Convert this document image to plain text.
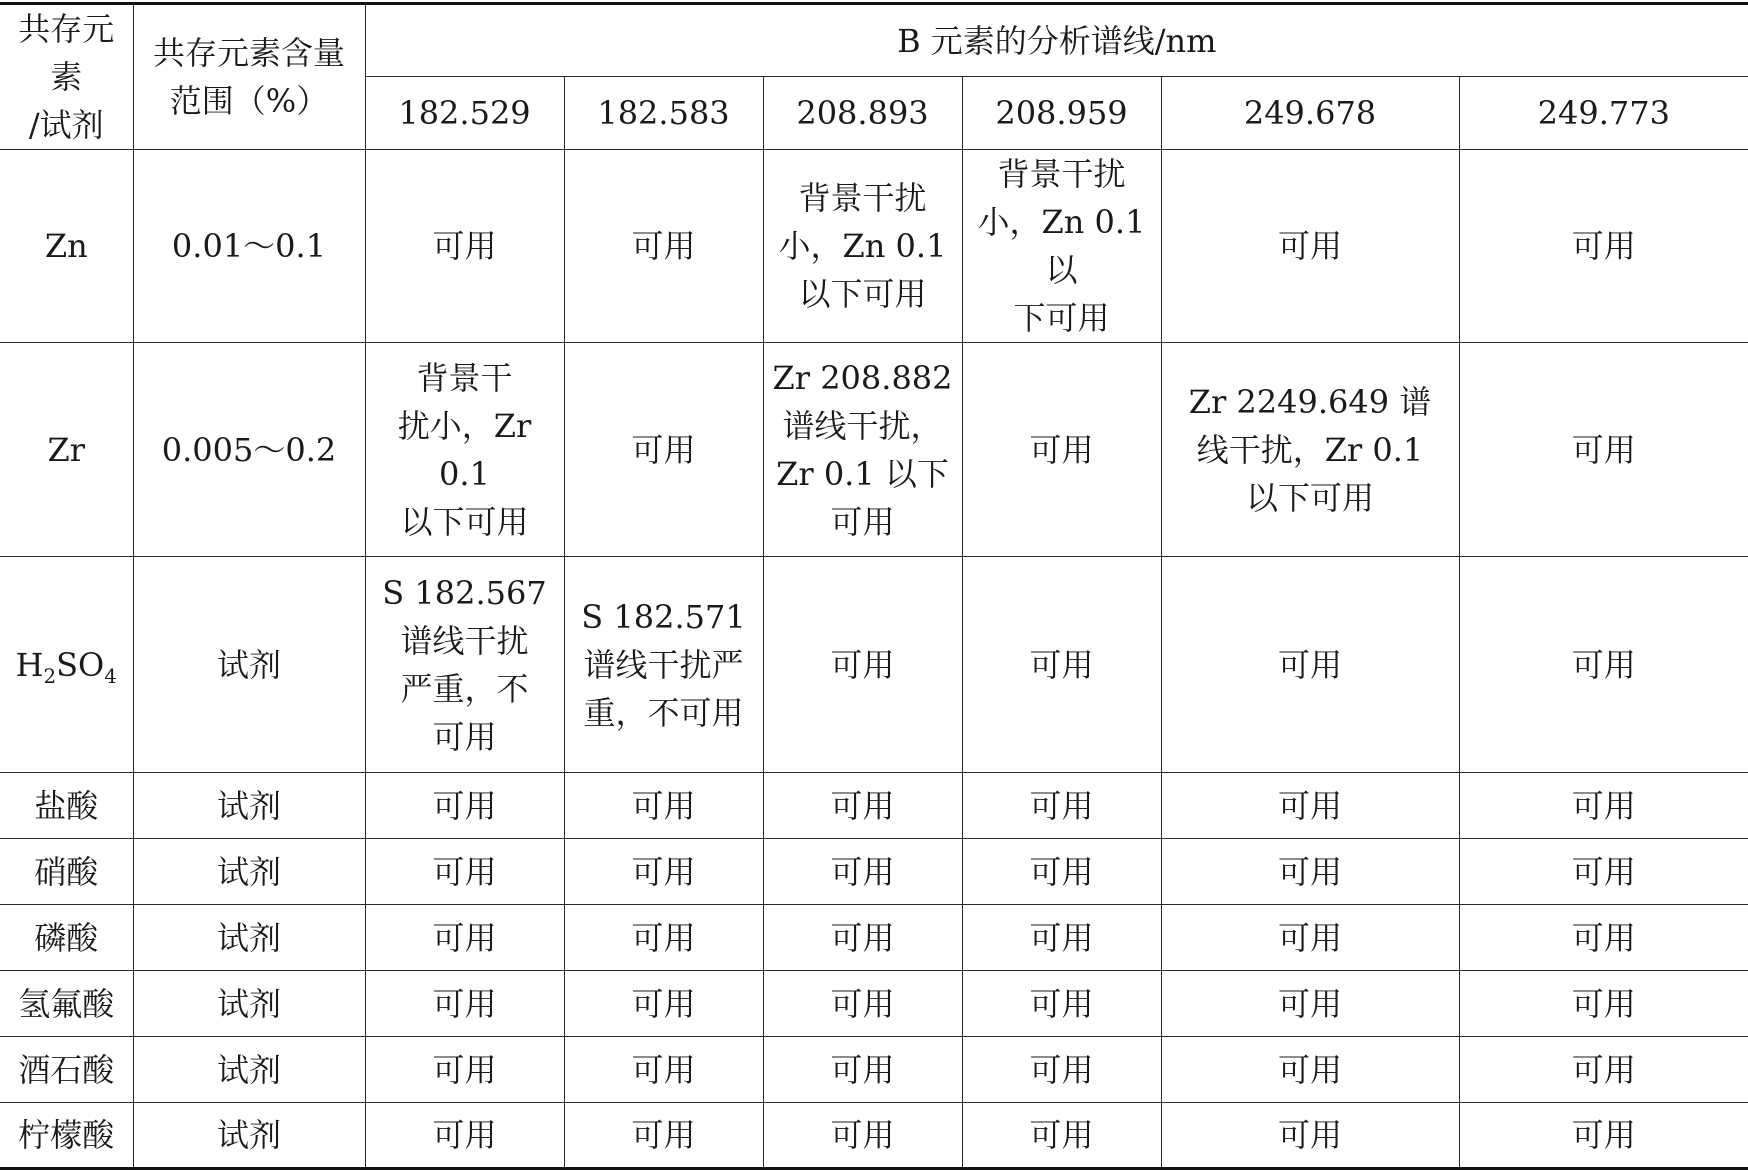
共存元素
/试剂	共存元素含量
范围（%）	B 元素的分析谱线/nm					
		182.529	182.583	208.893	208.959	249.678	249.773
Zn	0.01～0.1	可用	可用	背景干扰
小，Zn 0.1
以下可用	背景干扰
小，Zn 0.1 以
下可用	可用	可用
Zr	0.005～0.2	背景干
扰小，Zr 0.1
以下可用	可用	Zr 208.882
谱线干扰，
Zr 0.1 以下
可用	可用	Zr 2249.649 谱
线干扰，Zr 0.1
以下可用	可用
$H_2SO_4$	试剂	S 182.567
谱线干扰
严重，不
可用	S 182.571
谱线干扰严
重，不可用	可用	可用	可用	可用
盐酸	试剂	可用	可用	可用	可用	可用	可用
硝酸	试剂	可用	可用	可用	可用	可用	可用
磷酸	试剂	可用	可用	可用	可用	可用	可用
氢氟酸	试剂	可用	可用	可用	可用	可用	可用
酒石酸	试剂	可用	可用	可用	可用	可用	可用
柠檬酸	试剂	可用	可用	可用	可用	可用	可用
